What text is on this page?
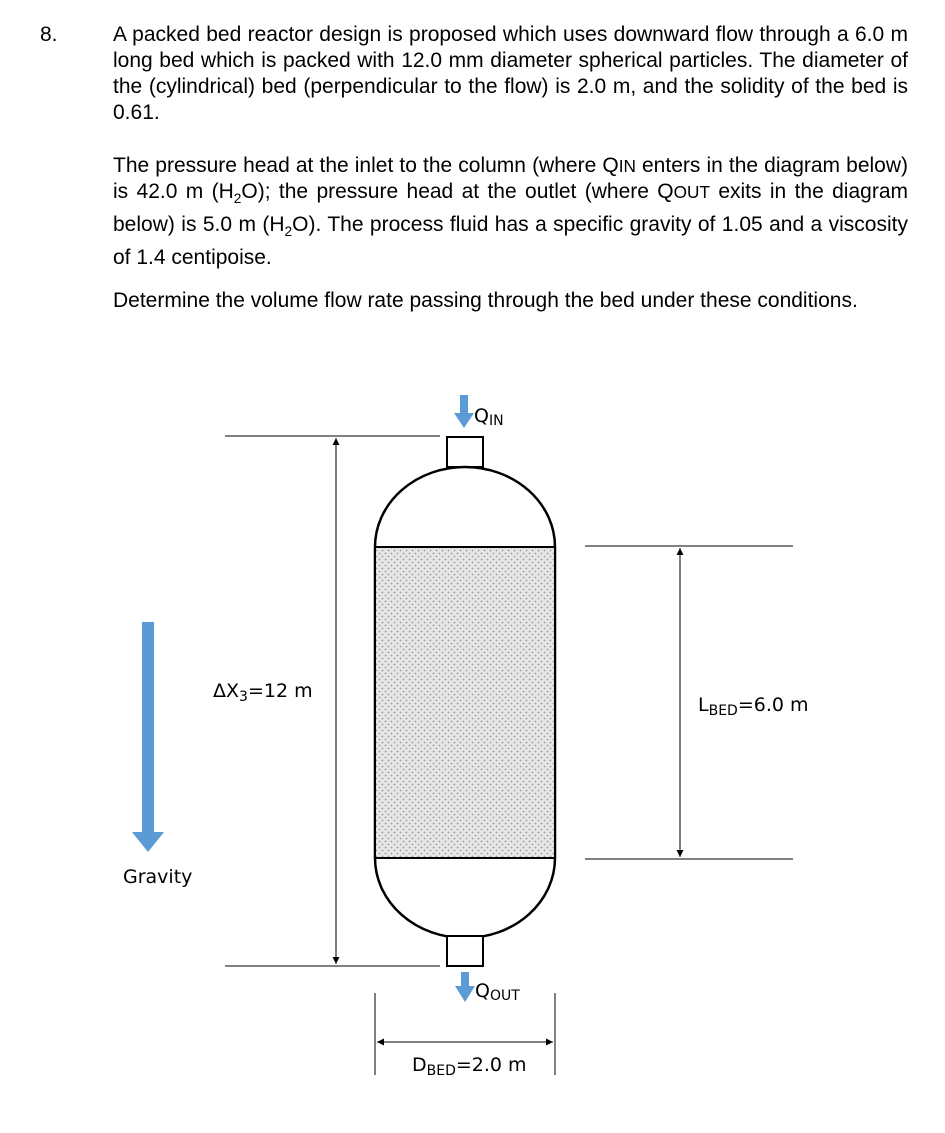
8.	A packed bed reactor design is proposed which uses downward flow through a 6.0 m long bed which is packed with 12.0 mm diameter spherical particles. The diameter of the (cylindrical) bed (perpendicular to the flow) is 2.0 m, and the solidity of the bed is 0.61.

The pressure head at the inlet to the column (where QIN enters in the diagram below) is 42.0 m $(H_2O)$; the pressure head at the outlet (where QOUT exits in the diagram below) is 5.0 m $(H_2O)$. The process fluid has a specific gravity of 1.05 and a viscosity of 1.4 centipoise.

Determine the volume flow rate passing through the bed under these conditions.

QIN
QOUT
$\Delta X_3=12$ m
$L_{BED}=6.0$ m
$D_{BED}=2.0$ m
Gravity
